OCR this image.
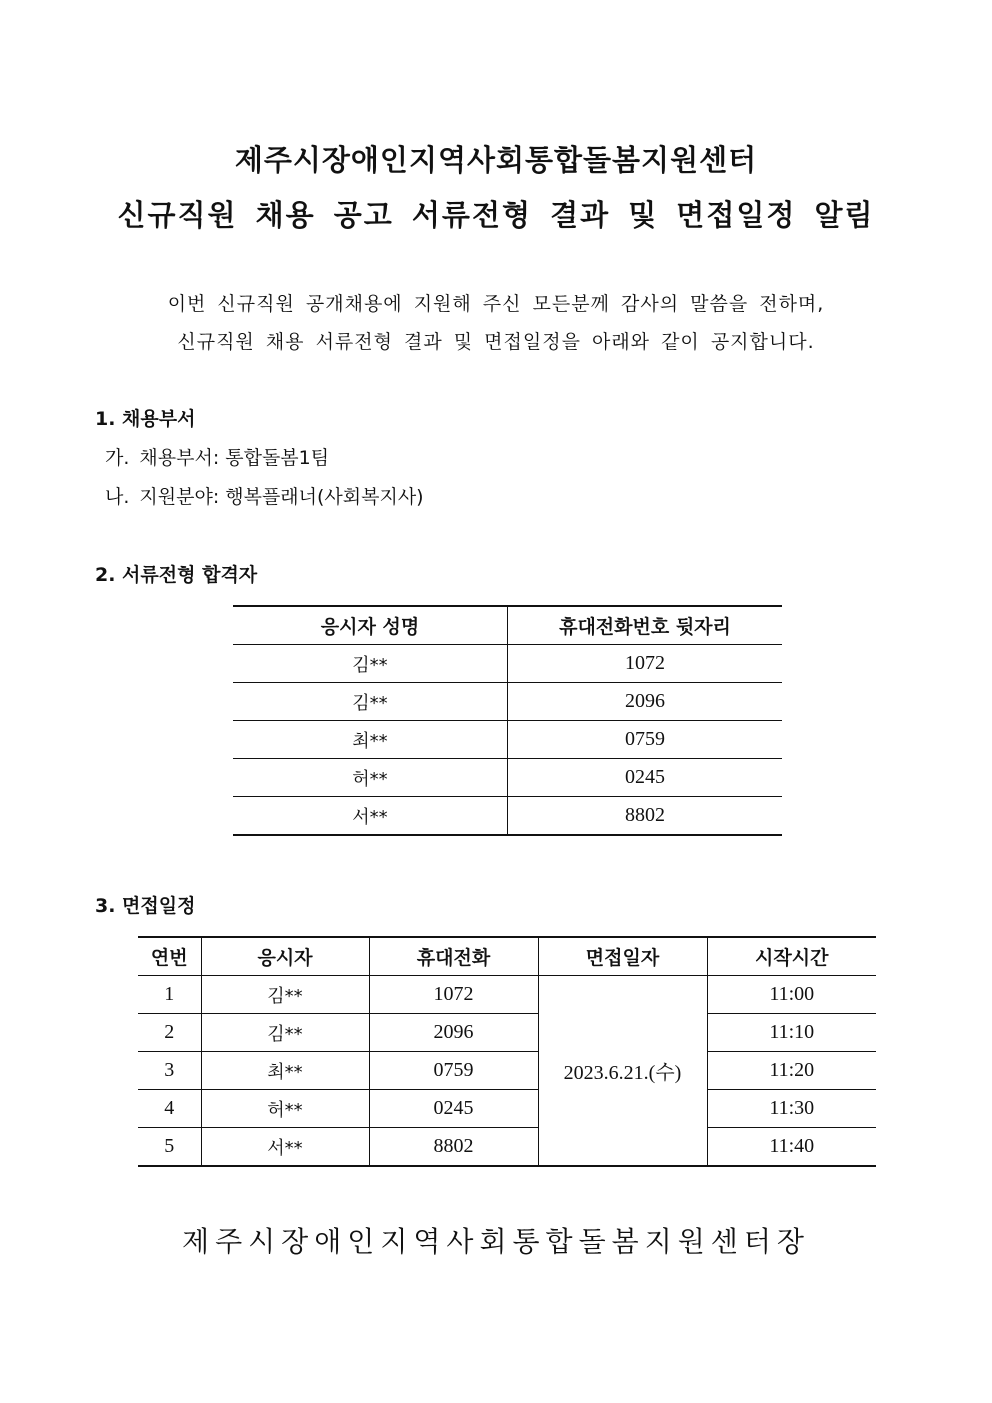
제주시장애인지역사회통합돌봄지원센터
신규직원 채용 공고 서류전형 결과 및 면접일정 알림

이번 신규직원 공개채용에 지원해 주신 모든분께 감사의 말씀을 전하며,

신규직원 채용 서류전형 결과 및 면접일정을 아래와 같이 공지합니다.

1. 채용부서

가. 채용부서: 통합돌봄1팀

나. 지원분야: 행복플래너(사회복지사)

2. 서류전형 합격자
응시자 성명	휴대전화번호 뒷자리
김**	1072
김**	2096
최**	0759
허**	0245
서**	8802
3. 면접일정
연번	응시자	휴대전화	면접일자	시작시간
1	김**	1072	2023.6.21.(수)	11:00
2	김**	2096		11:10
3	최**	0759		11:20
4	허**	0245		11:30
5	서**	8802		11:40

제주시장애인지역사회통합돌봄지원센터장
